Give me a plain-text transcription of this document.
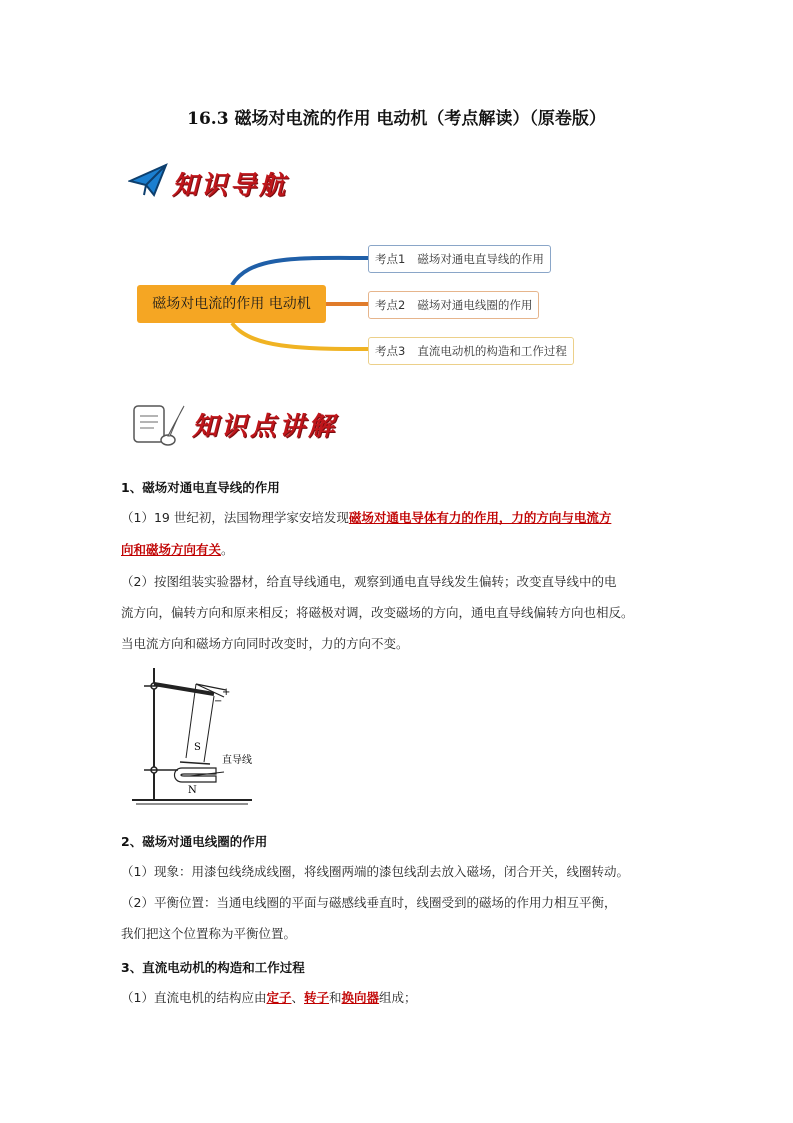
16.3 磁场对电流的作用 电动机（考点解读）（原卷版）
知识导航
磁场对电流的作用 电动机
考点1 磁场对通电直导线的作用
考点2 磁场对通电线圈的作用
考点3 直流电动机的构造和工作过程
知识点讲解
1、磁场对通电直导线的作用
（1）19 世纪初，法国物理学家安培发现磁场对通电导体有力的作用，力的方向与电流方
向和磁场方向有关。
（2）按图组装实验器材，给直导线通电，观察到通电直导线发生偏转；改变直导线中的电
流方向，偏转方向和原来相反；将磁极对调，改变磁场的方向，通电直导线偏转方向也相反。
当电流方向和磁场方向同时改变时，力的方向不变。
−
+
S
N
直导线
2、磁场对通电线圈的作用
（1）现象：用漆包线绕成线圈，将线圈两端的漆包线刮去放入磁场，闭合开关，线圈转动。
（2）平衡位置：当通电线圈的平面与磁感线垂直时，线圈受到的磁场的作用力相互平衡，
我们把这个位置称为平衡位置。
3、直流电动机的构造和工作过程
（1）直流电机的结构应由定子、转子和换向器组成；
